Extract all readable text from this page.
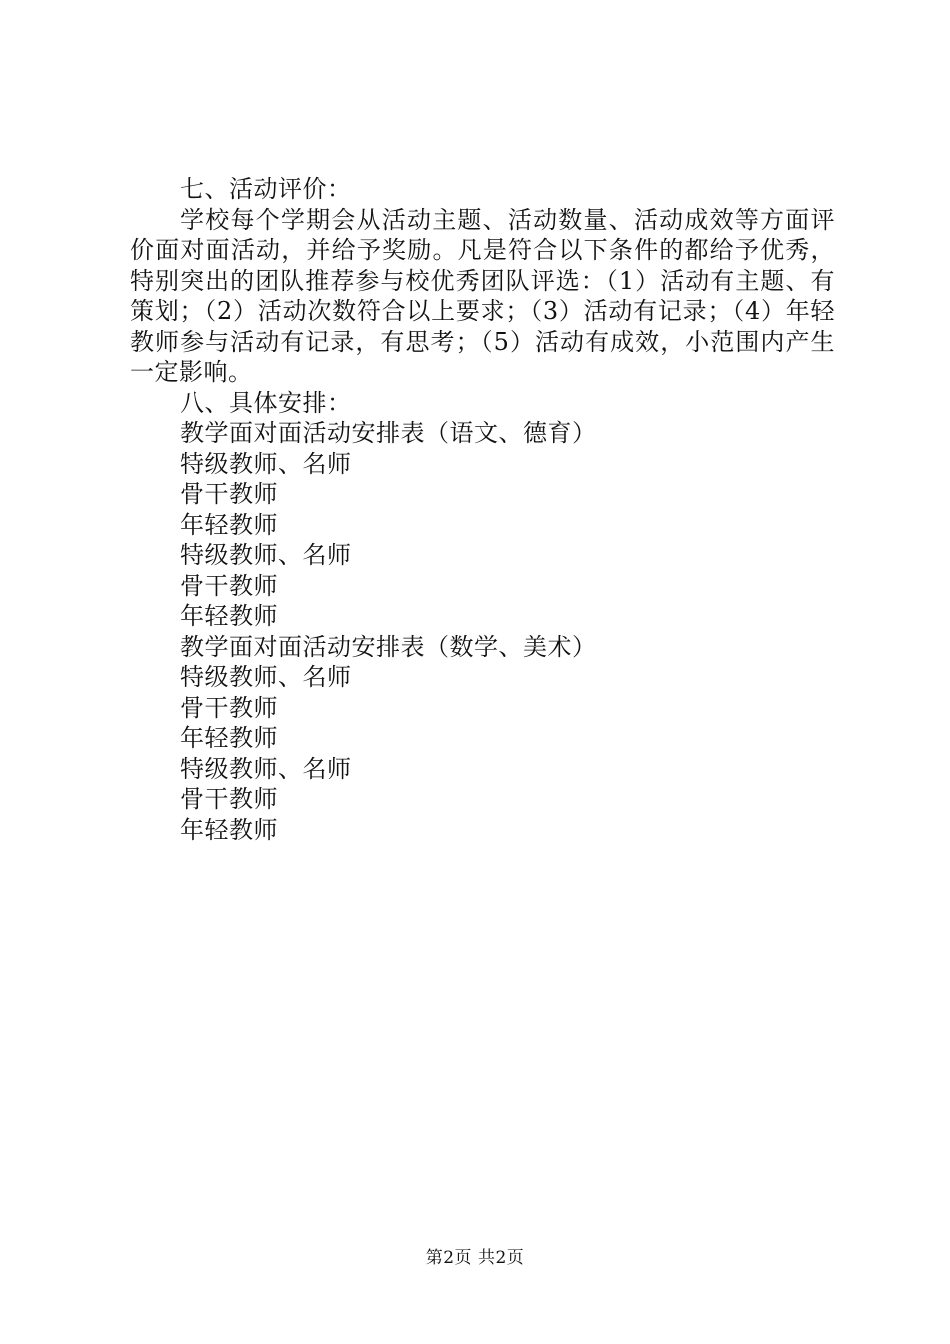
七、活动评价：
学校每个学期会从活动主题、活动数量、活动成效等方面评价面对面活动，并给予奖励。凡是符合以下条件的都给予优秀，特别突出的团队推荐参与校优秀团队评选：（1）活动有主题、有策划；（2）活动次数符合以上要求；（3）活动有记录；（4）年轻教师参与活动有记录，有思考；（5）活动有成效，小范围内产生一定影响。
八、具体安排：
教学面对面活动安排表（语文、德育）
特级教师、名师
骨干教师
年轻教师
特级教师、名师
骨干教师
年轻教师
教学面对面活动安排表（数学、美术）
特级教师、名师
骨干教师
年轻教师
特级教师、名师
骨干教师
年轻教师
第2页 共2页
